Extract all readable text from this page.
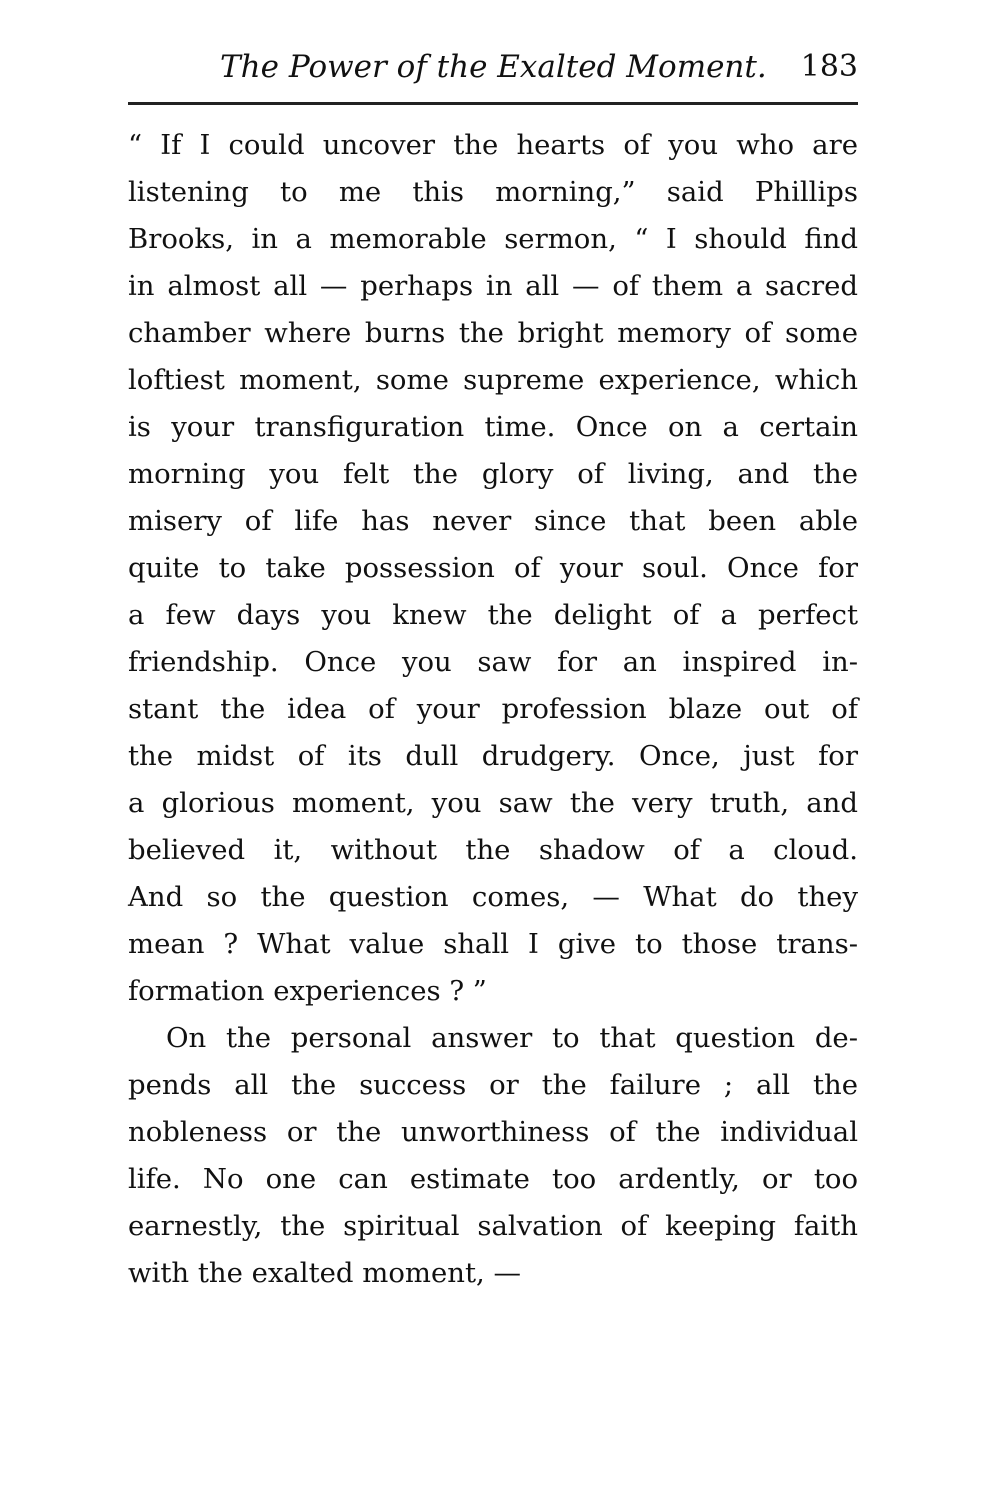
The Power of the Exalted Moment. 183
“ If I could uncover the hearts of you who are
listening to me this morning,” said Phillips
Brooks, in a memorable sermon, “ I should find
in almost all — perhaps in all — of them a sacred
chamber where burns the bright memory of some
loftiest moment, some supreme experience, which
is your transfiguration time. Once on a certain
morning you felt the glory of living, and the
misery of life has never since that been able
quite to take possession of your soul. Once for
a few days you knew the delight of a perfect
friendship. Once you saw for an inspired in-
stant the idea of your profession blaze out of
the midst of its dull drudgery. Once, just for
a glorious moment, you saw the very truth, and
believed it, without the shadow of a cloud.
And so the question comes, — What do they
mean ? What value shall I give to those trans-
formation experiences ? ”
On the personal answer to that question de-
pends all the success or the failure ; all the
nobleness or the unworthiness of the individual
life. No one can estimate too ardently, or too
earnestly, the spiritual salvation of keeping faith
with the exalted moment, —
